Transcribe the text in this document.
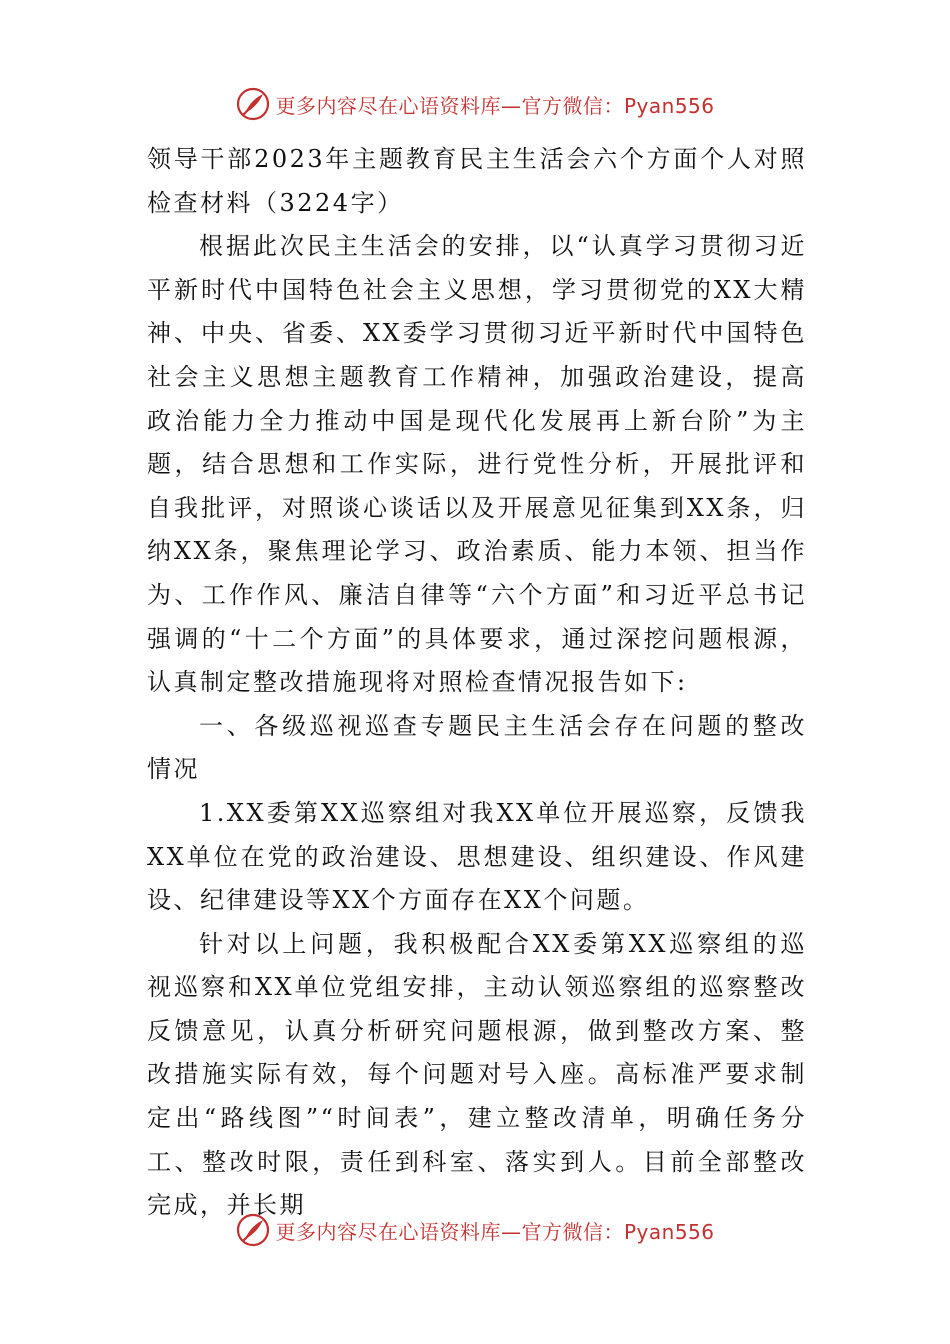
更多内容尽在心语资料库—官方微信：Pyan556

领导干部2023年主题教育民主生活会六个方面个人对照检查材料（3224字）

根据此次民主生活会的安排，以“认真学习贯彻习近平新时代中国特色社会主义思想，学习贯彻党的XX大精神、中央、省委、XX委学习贯彻习近平新时代中国特色社会主义思想主题教育工作精神，加强政治建设，提高政治能力全力推动中国是现代化发展再上新台阶”为主题，结合思想和工作实际，进行党性分析，开展批评和自我批评，对照谈心谈话以及开展意见征集到XX条，归纳XX条，聚焦理论学习、政治素质、能力本领、担当作为、工作作风、廉洁自律等“六个方面”和习近平总书记强调的“十二个方面”的具体要求，通过深挖问题根源，认真制定整改措施现将对照检查情况报告如下:

一、各级巡视巡查专题民主生活会存在问题的整改情况

1.XX委第XX巡察组对我XX单位开展巡察，反馈我XX单位在党的政治建设、思想建设、组织建设、作风建设、纪律建设等XX个方面存在XX个问题。

针对以上问题，我积极配合XX委第XX巡察组的巡视巡察和XX单位党组安排，主动认领巡察组的巡察整改反馈意见，认真分析研究问题根源，做到整改方案、整改措施实际有效，每个问题对号入座。高标准严要求制定出“路线图”“时间表”，建立整改清单，明确任务分工、整改时限，责任到科室、落实到人。目前全部整改完成，并长期

更多内容尽在心语资料库—官方微信：Pyan556
